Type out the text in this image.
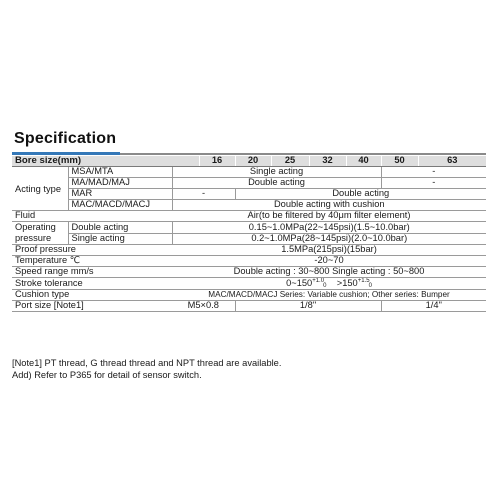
Specification
Bore size(mm)			16	20	25	32	40	50	63
Acting type	MSA/MTA	Single acting						-	
	MA/MAD/MAJ	Double acting						-	
	MAR	-		Double acting					
	MAC/MACD/MACJ	Double acting with cushion							
Fluid		Air(to be filtered by 40μm filter element)							
Operating pressure	Double acting	0.15~1.0MPa(22~145psi)(1.5~10.0bar)							
	Single acting	0.2~1.0MPa(28~145psi)(2.0~10.0bar)							
Proof pressure		1.5MPa(215psi)(15bar)							
Temperature ℃		-20~70							
Speed range mm/s		Double acting : 30~800 Single acting : 50~800							
Stroke tolerance		$0\sim 150^{+1.0}0 >150^{+1.5}0$							
Cushion type		MAC/MACD/MACJ Series: Variable cushion; Other series: Bumper							
Port size [Note1]		M5×0.8		1/8"				1/4"	
[Note1] PT thread, G thread thread and NPT thread are available.
Add) Refer to P365 for detail of sensor switch.
